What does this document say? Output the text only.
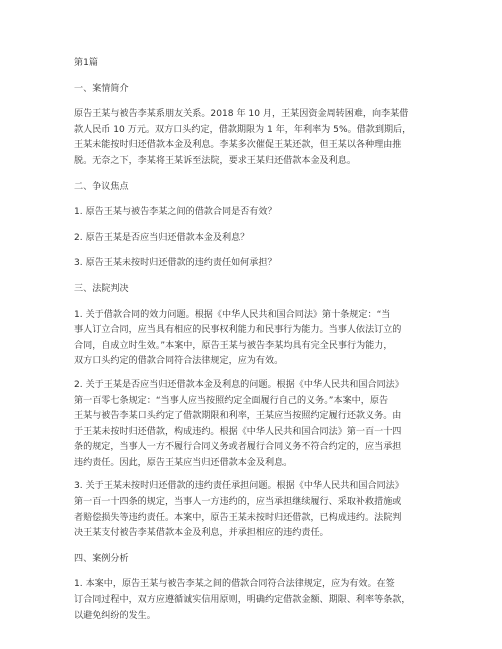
第1篇

一、案情简介

原告王某与被告李某系朋友关系。2018 年 10 月，王某因资金周转困难，向李某借
款人民币 10 万元。双方口头约定，借款期限为 1 年，年利率为 5%。借款到期后，
王某未能按时归还借款本金及利息。李某多次催促王某还款，但王某以各种理由推
脱。无奈之下，李某将王某诉至法院，要求王某归还借款本金及利息。

二、争议焦点

1. 原告王某与被告李某之间的借款合同是否有效？

2. 原告王某是否应当归还借款本金及利息？

3. 原告王某未按时归还借款的违约责任如何承担？

三、法院判决

1. 关于借款合同的效力问题。根据《中华人民共和国合同法》第十条规定：“当
事人订立合同，应当具有相应的民事权利能力和民事行为能力。当事人依法订立的
合同，自成立时生效。”本案中，原告王某与被告李某均具有完全民事行为能力，
双方口头约定的借款合同符合法律规定，应为有效。

2. 关于王某是否应当归还借款本金及利息的问题。根据《中华人民共和国合同法》
第一百零七条规定：“当事人应当按照约定全面履行自己的义务。”本案中，原告
王某与被告李某口头约定了借款期限和利率，王某应当按照约定履行还款义务。由
于王某未按时归还借款，构成违约。根据《中华人民共和国合同法》第一百一十四
条的规定，当事人一方不履行合同义务或者履行合同义务不符合约定的，应当承担
违约责任。因此，原告王某应当归还借款本金及利息。

3. 关于王某未按时归还借款的违约责任承担问题。根据《中华人民共和国合同法》
第一百一十四条的规定，当事人一方违约的，应当承担继续履行、采取补救措施或
者赔偿损失等违约责任。本案中，原告王某未按时归还借款，已构成违约。法院判
决王某支付被告李某借款本金及利息，并承担相应的违约责任。

四、案例分析

1. 本案中，原告王某与被告李某之间的借款合同符合法律规定，应为有效。在签
订合同过程中，双方应遵循诚实信用原则，明确约定借款金额、期限、利率等条款，
以避免纠纷的发生。
